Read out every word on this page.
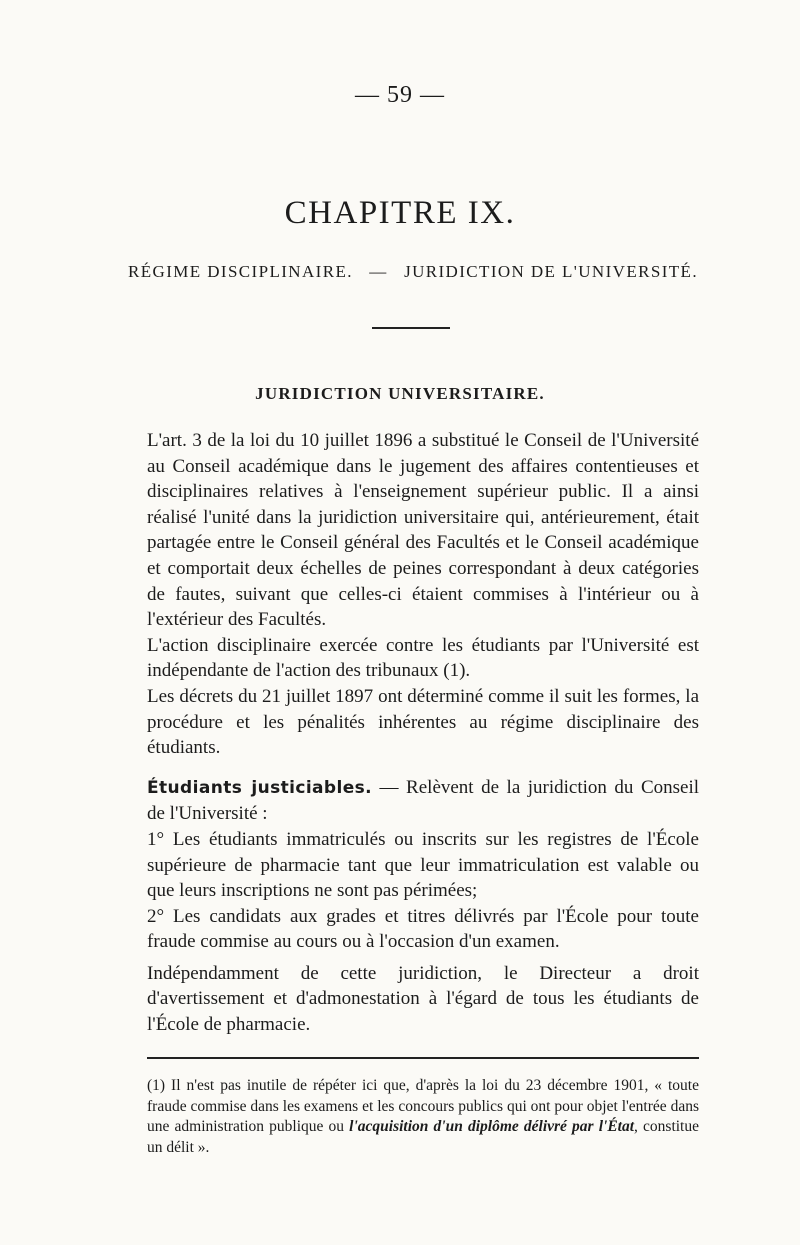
— 59 —
CHAPITRE IX.
RÉGIME DISCIPLINAIRE. — JURIDICTION DE L'UNIVERSITÉ.
JURIDICTION UNIVERSITAIRE.

L'art. 3 de la loi du 10 juillet 1896 a substitué le Conseil de l'Université au Conseil académique dans le jugement des affaires contentieuses et disciplinaires relatives à l'enseignement supérieur public. Il a ainsi réalisé l'unité dans la juridiction universitaire qui, antérieurement, était partagée entre le Conseil général des Facultés et le Conseil académique et comportait deux échelles de peines correspondant à deux catégories de fautes, suivant que celles-ci étaient commises à l'intérieur ou à l'extérieur des Facultés.

L'action disciplinaire exercée contre les étudiants par l'Université est indépendante de l'action des tribunaux (1).

Les décrets du 21 juillet 1897 ont déterminé comme il suit les formes, la procédure et les pénalités inhérentes au régime disciplinaire des étudiants.

Étudiants justiciables. — Relèvent de la juridiction du Conseil de l'Université :

1° Les étudiants immatriculés ou inscrits sur les registres de l'École supérieure de pharmacie tant que leur immatriculation est valable ou que leurs inscriptions ne sont pas périmées;

2° Les candidats aux grades et titres délivrés par l'École pour toute fraude commise au cours ou à l'occasion d'un examen.

Indépendamment de cette juridiction, le Directeur a droit d'avertissement et d'admonestation à l'égard de tous les étudiants de l'École de pharmacie.

(1) Il n'est pas inutile de répéter ici que, d'après la loi du 23 décembre 1901, « toute fraude commise dans les examens et les concours publics qui ont pour objet l'entrée dans une administration publique ou l'acquisition d'un diplôme délivré par l'État, constitue un délit ».
